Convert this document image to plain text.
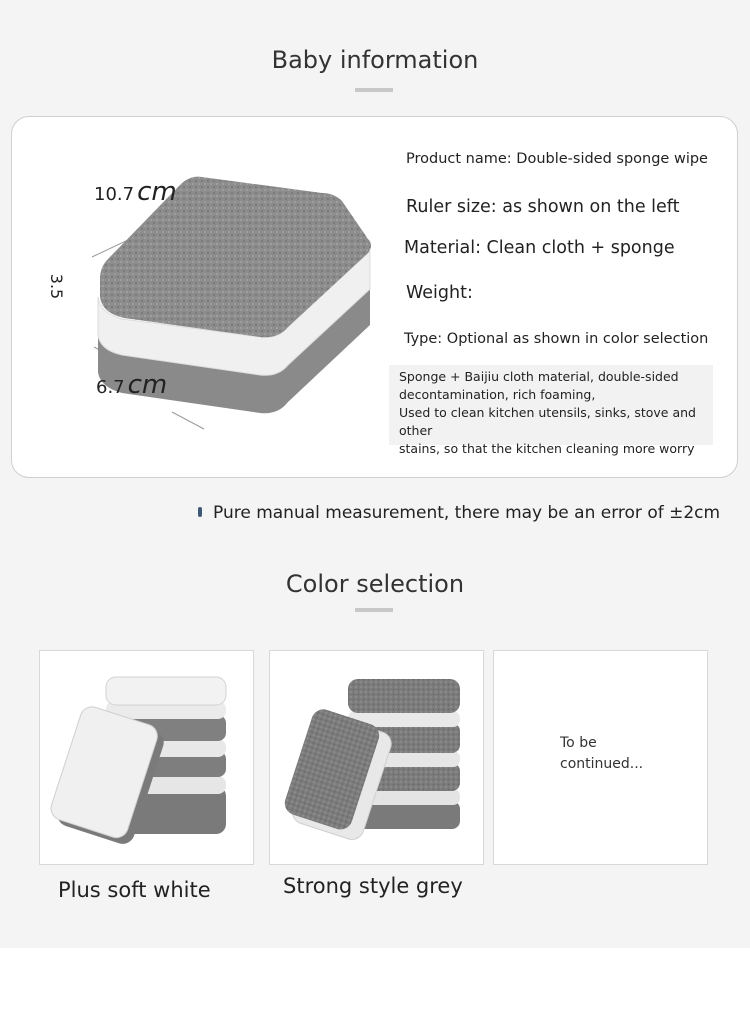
Baby information
10.7 cm
3.5
6.7 cm
Product name: Double-sided sponge wipe
Ruler size: as shown on the left
Material: Clean cloth + sponge
Weight:
Type: Optional as shown in color selection
Sponge + Baijiu cloth material, double-sided
decontamination, rich foaming,
Used to clean kitchen utensils, sinks, stove and other
stains, so that the kitchen cleaning more worry
Pure manual measurement, there may be an error of ±2cm
Color selection
Plus soft white	Strong style grey
To be
continued...
